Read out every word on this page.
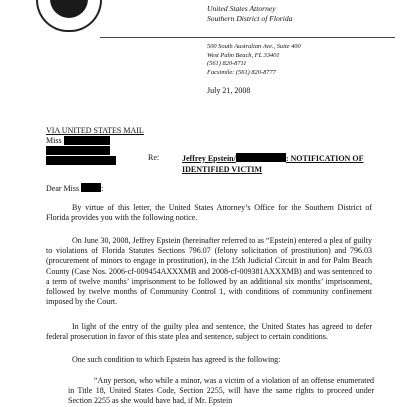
United States Attorney
Southern District of Florida
500 South Australian Ave., Suite 400
West Palm Beach, FL 33401
(561) 820-8711
Facsimile: (561) 820-8777
July 21, 2008
VIA UNITED STATES MAIL
Miss
Re:	Jeffrey Epstein/	: NOTIFICATION OF
IDENTIFIED VICTIM
Dear Miss	:
By virtue of this letter, the United States Attorney’s Office for the Southern District of Florida provides you with the following notice.
On June 30, 2008, Jeffrey Epstein (hereinafter referred to as “Epstein) entered a plea of guilty to violations of Florida Statutes Sections 796.07 (felony solicitation of prostitution) and 796.03 (procurement of minors to engage in prostitution), in the 15th Judicial Circuit in and for Palm Beach County (Case Nos. 2006-cf-009454AXXXMB and 2008-cf-009381AXXXMB) and was sentenced to a term of twelve months’ imprisonment to be followed by an additional six months’ imprisonment, followed by twelve months of Community Control 1, with conditions of community confinement imposed by the Court.
In light of the entry of the guilty plea and sentence, the United States has agreed to defer federal prosecution in favor of this state plea and sentence, subject to certain conditions.
One such condition to which Epstein has agreed is the following:
“Any person, who while a minor, was a victim of a violation of an offense enumerated in Title 18, United States Code, Section 2255, will have the same rights to proceed under Section 2255 as she would have had, if Mr. Epstein
